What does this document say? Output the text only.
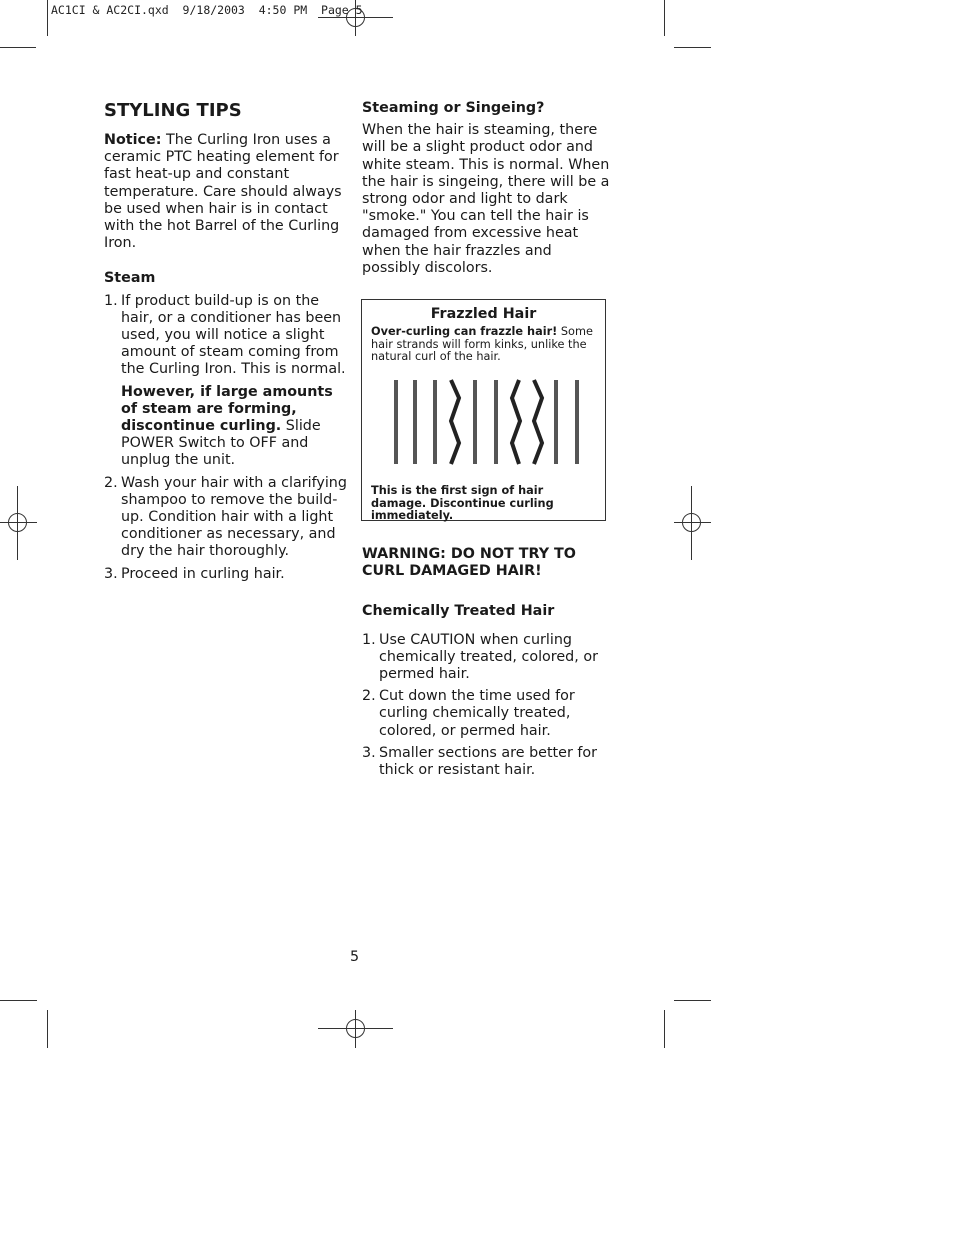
AC1CI & AC2CI.qxd  9/18/2003  4:50 PM  Page 5
STYLING TIPS

Notice: The Curling Iron uses a ceramic PTC heating element for fast heat-up and constant temperature. Care should always be used when hair is in contact with the hot Barrel of the Curling Iron.

Steam
1. If product build-up is on the hair, or a conditioner has been used, you will notice a slight amount of steam coming from the Curling Iron. This is normal.
However, if large amounts of steam are forming, discontinue curling. Slide POWER Switch to OFF and unplug the unit.
2. Wash your hair with a clarifying shampoo to remove the build-up. Condition hair with a light conditioner as necessary, and dry the hair thoroughly.
3. Proceed in curling hair.
Steaming or Singeing?

When the hair is steaming, there will be a slight product odor and white steam. This is normal. When the hair is singeing, there will be a strong odor and light to dark "smoke." You can tell the hair is damaged from excessive heat when the hair frazzles and possibly discolors.

Frazzled Hair
Over-curling can frazzle hair! Some hair strands will form kinks, unlike the natural curl of the hair.
This is the first sign of hair damage. Discontinue curling immediately.
WARNING: DO NOT TRY TO CURL DAMAGED HAIR!
Chemically Treated Hair
1. Use CAUTION when curling chemically treated, colored, or permed hair.
2. Cut down the time used for curling chemically treated, colored, or permed hair.
3. Smaller sections are better for thick or resistant hair.
5
